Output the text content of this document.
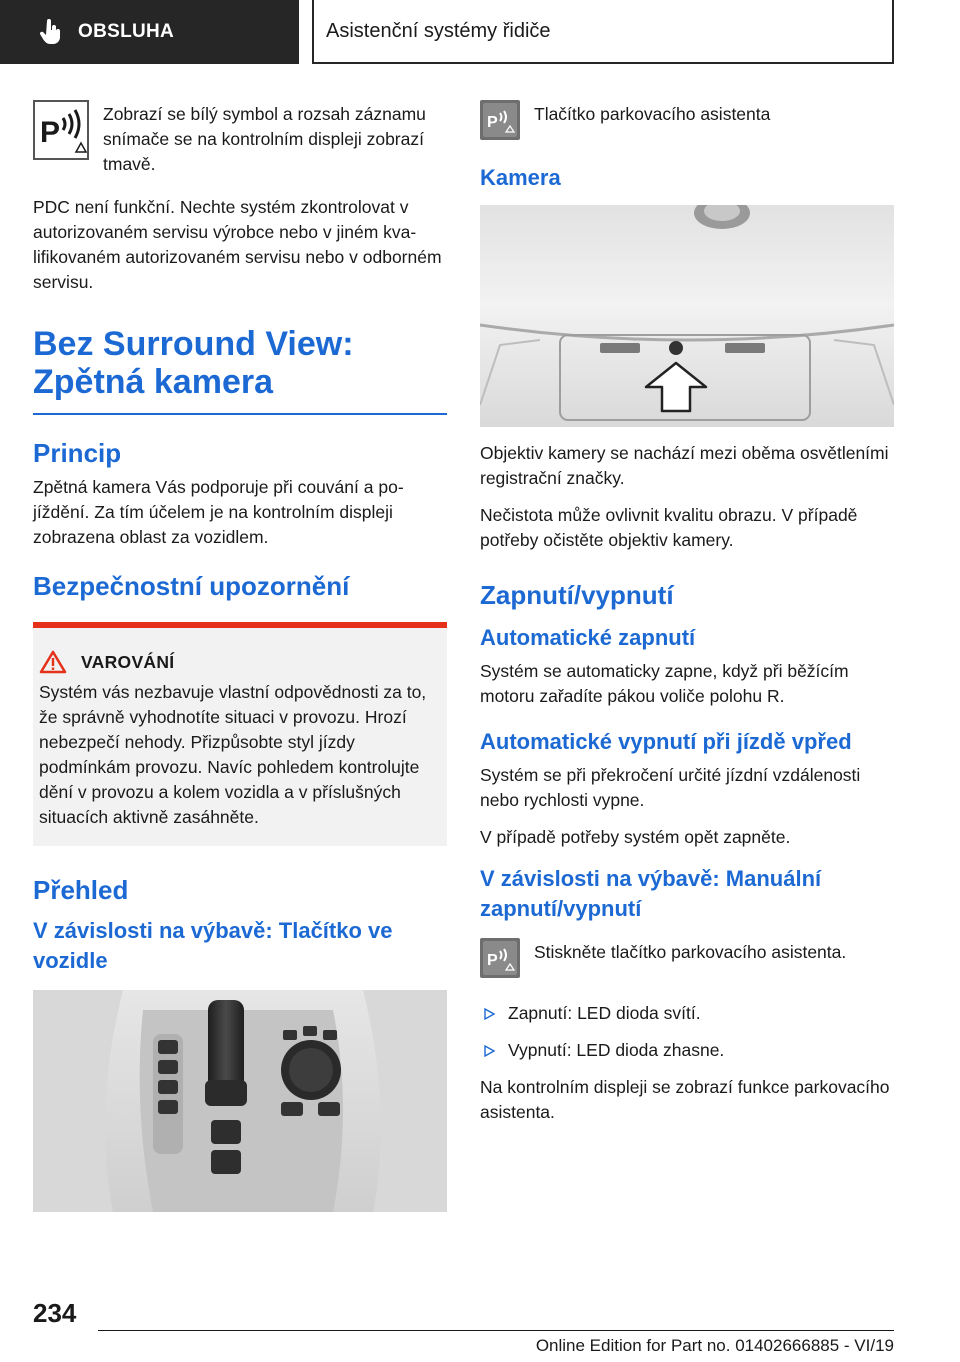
OBSLUHA	Asistenční systémy řidiče
P
Zobrazí se bílý symbol a rozsah záznamu snímače se na kontrolním displeji zobrazí tmavě.

PDC není funkční. Nechte systém zkontrolovat v autorizovaném servisu výrobce nebo v jiném kvalifikovaném autorizovaném servisu nebo v odborném servisu.

Bez Surround View: Zpětná kamera
Princip

Zpětná kamera Vás podporuje při couvání a pojíždění. Za tím účelem je na kontrolním displeji zobrazena oblast za vozidlem.

Bezpečnostní upozornění
VAROVÁNÍ

Systém vás nezbavuje vlastní odpovědnosti za to, že správně vyhodnotíte situaci v provozu. Hrozí nebezpečí nehody. Přizpůsobte styl jízdy podmínkám provozu. Navíc pohledem kontrolujte dění v provozu a kolem vozidla a v příslušných situacích aktivně zasáhněte.

Přehled
V závislosti na výbavě: Tlačítko ve vozidle
P Tlačítko parkovacího asistenta
Kamera

Objektiv kamery se nachází mezi oběma osvětleními registrační značky.

Nečistota může ovlivnit kvalitu obrazu. V případě potřeby očistěte objektiv kamery.

Zapnutí/vypnutí
Automatické zapnutí

Systém se automaticky zapne, když při běžícím motoru zařadíte pákou voliče polohu R.

Automatické vypnutí při jízdě vpřed

Systém se při překročení určité jízdní vzdálenosti nebo rychlosti vypne.

V případě potřeby systém opět zapněte.

V závislosti na výbavě: Manuální zapnutí/vypnutí
P Stiskněte tlačítko parkovacího asistenta.
Zapnutí: LED dioda svítí.
Vypnutí: LED dioda zhasne.

Na kontrolním displeji se zobrazí funkce parkovacího asistenta.

234
Online Edition for Part no. 01402666885 - VI/19
